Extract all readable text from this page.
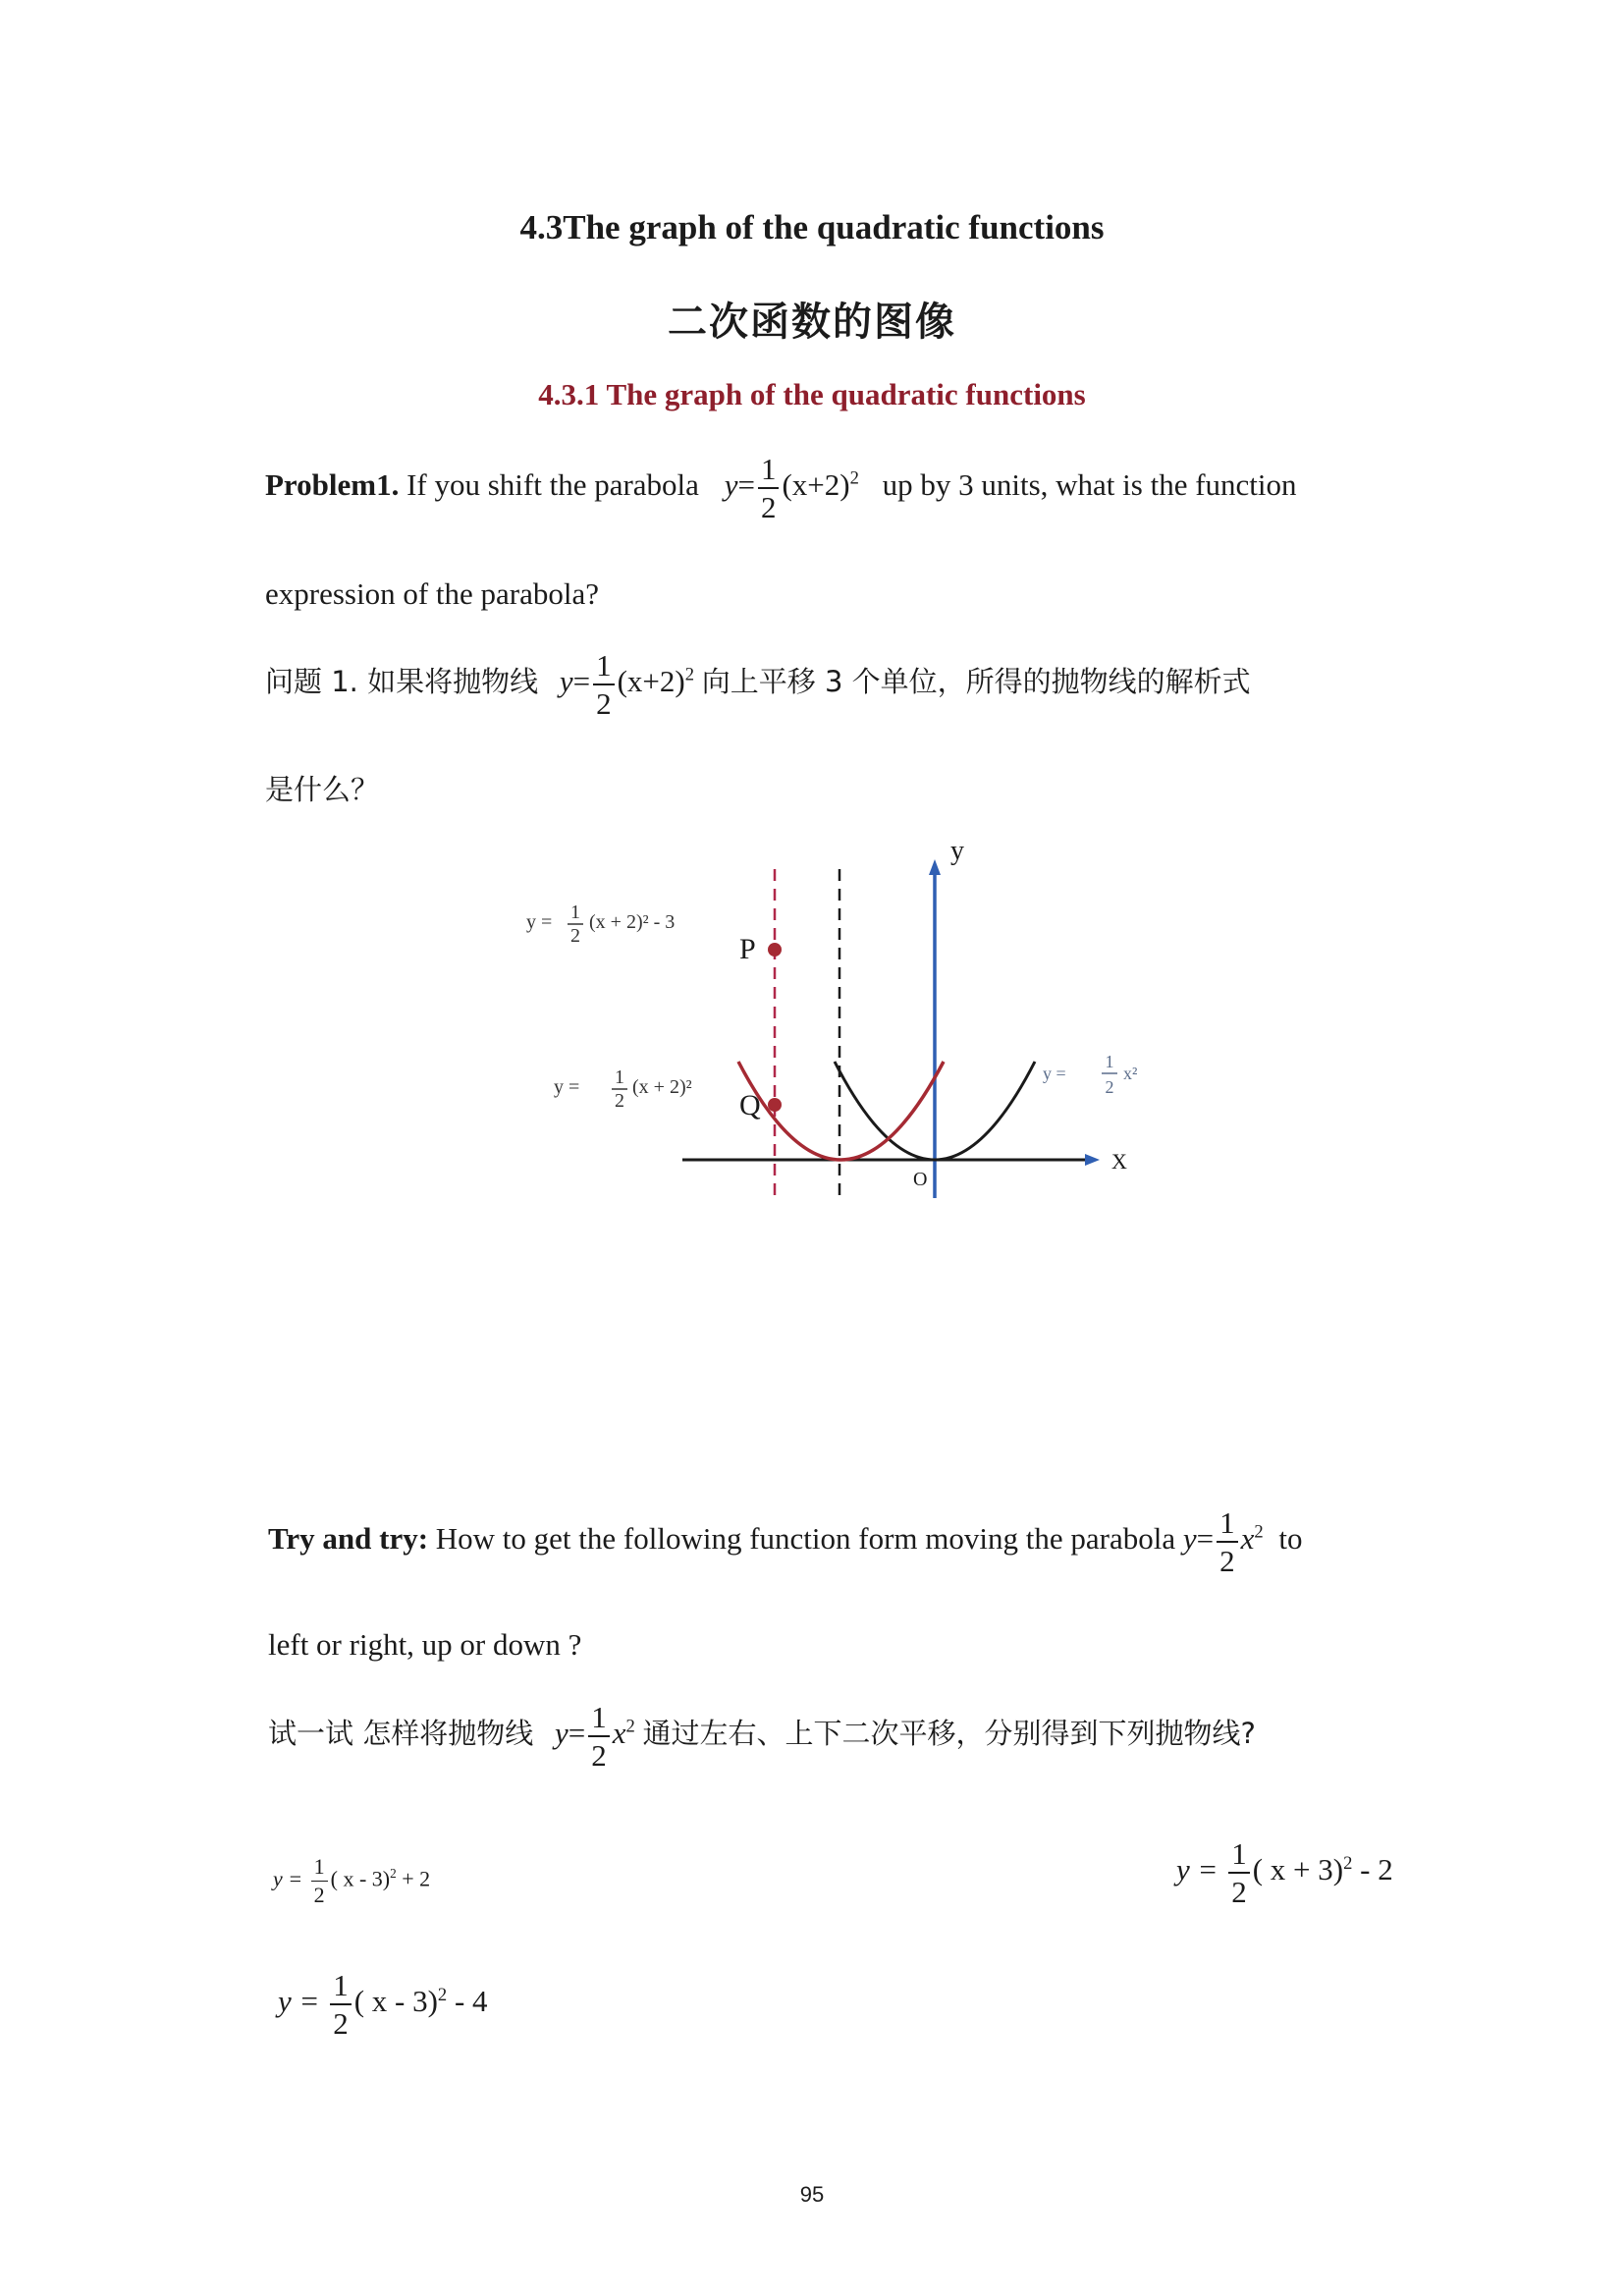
4.3The graph of the quadratic functions
二次函数的图像
4.3.1 The graph of the quadratic functions
Problem1. If you shift the parabola $y= \frac{1}{2} (x+2)^2$ up by 3 units, what is the function
expression of the parabola?
问题 1. 如果将抛物线 $y= \frac{1}{2} (x+2)^2$ 向上平移 3 个单位，所得的抛物线的解析式
是什么？
P
Q
y
X
O
y = 1
2
(x + 2)² - 3
y = 1
2
(x + 2)²
y =
1
2
x²
Try and try: How to get the following function form moving the parabola $y= \frac{1}{2} x^2$ to
left or right, up or down ?
试一试 怎样将抛物线 $y= \frac{1}{2} x^2$ 通过左右、上下二次平移，分别得到下列抛物线?
$y = \frac{1}{2}$ ( x - 3)$^2$ + 2	$y = \frac{1}{2}$ ( x + 3)$^2$ - 2
$y = \frac{1}{2}$ ( x - 3)$^2$ - 4
95
